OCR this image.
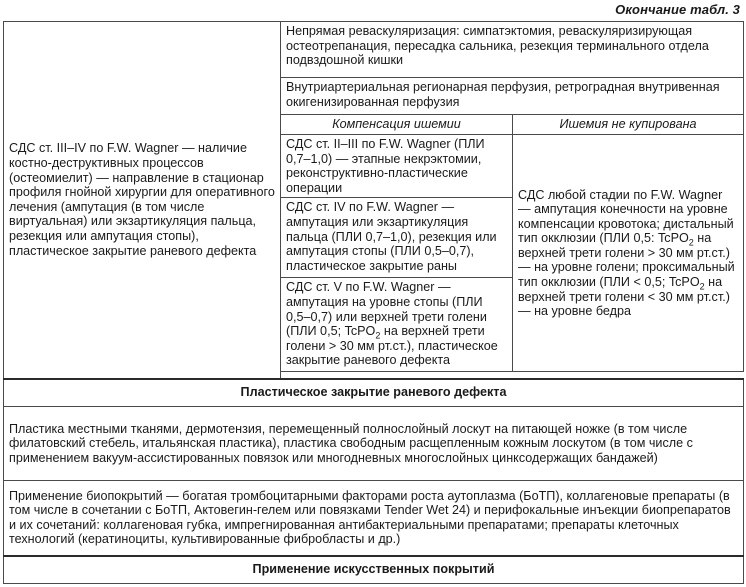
Окончание табл. 3
СДС ст. III–IV по F.W. Wagner — наличие костно-деструктивных процессов (остеомиелит) — направление в стационар профиля гнойной хирургии для оперативного лечения (ампутация (в том числе виртуальная) или экзартикуляция пальца, резекция или ампутация стопы), пластическое закрытие раневого дефекта	Непрямая реваскуляризация: симпатэктомия, реваскуляризирующая остеотрепанация, пересадка сальника, резекция терминального отдела подвздошной кишки	
	Внутриартериальная регионарная перфузия, ретроградная внутривенная окигенизированная перфузия	
	Компенсация ишемии	Ишемия не купирована
	СДС ст. II–III по F.W. Wagner (ПЛИ 0,7–1,0) — этапные некрэктомии, реконструктивно-пластические операции	СДС любой стадии по F.W. Wagner — ампутация конечности на уровне компенсации кровотока; дистальный тип окклюзии (ПЛИ 0,5: TcPO$_2$ на верхней трети голени > 30 мм рт.ст.) — на уровне голени; проксимальный тип окклюзии (ПЛИ < 0,5; TcPO$_2$ на верхней трети голени < 30 мм рт.ст.) — на уровне бедра
	СДС ст. IV по F.W. Wagner — ампутация или экзартикуляция пальца (ПЛИ 0,7–1,0), резекция или ампутация стопы (ПЛИ 0,5–0,7), пластическое закрытие раны	
	СДС ст. V по F.W. Wagner — ампутация на уровне стопы (ПЛИ 0,5–0,7) или верхней трети голени (ПЛИ 0,5; TcPO$_2$ на верхней трети голени > 30 мм рт.ст.), пластическое закрытие раневого дефекта	

Пластическое закрытие раневого дефекта		
Пластика местными тканями, дермотензия, перемещенный полнослойный лоскут на питающей ножке (в том числе филатовский стебель, итальянская пластика), пластика свободным расщепленным кожным лоскутом (в том числе с применением вакуум-ассистированных повязок или многодневных многослойных цинксодержащих бандажей)		
Применение биопокрытий — богатая тромбоцитарными факторами роста аутоплазма (БоТП), коллагеновые препараты (в том числе в сочетании с БоТП, Актовегин-гелем или повязками Tender Wet 24) и перифокальные инъекции биопрепаратов и их сочетаний: коллагеновая губка, импрегнированная антибактериальными препаратами; препараты клеточных технологий (кератиноциты, культивированные фибробласты и др.)		
Применение искусственных покрытий		
